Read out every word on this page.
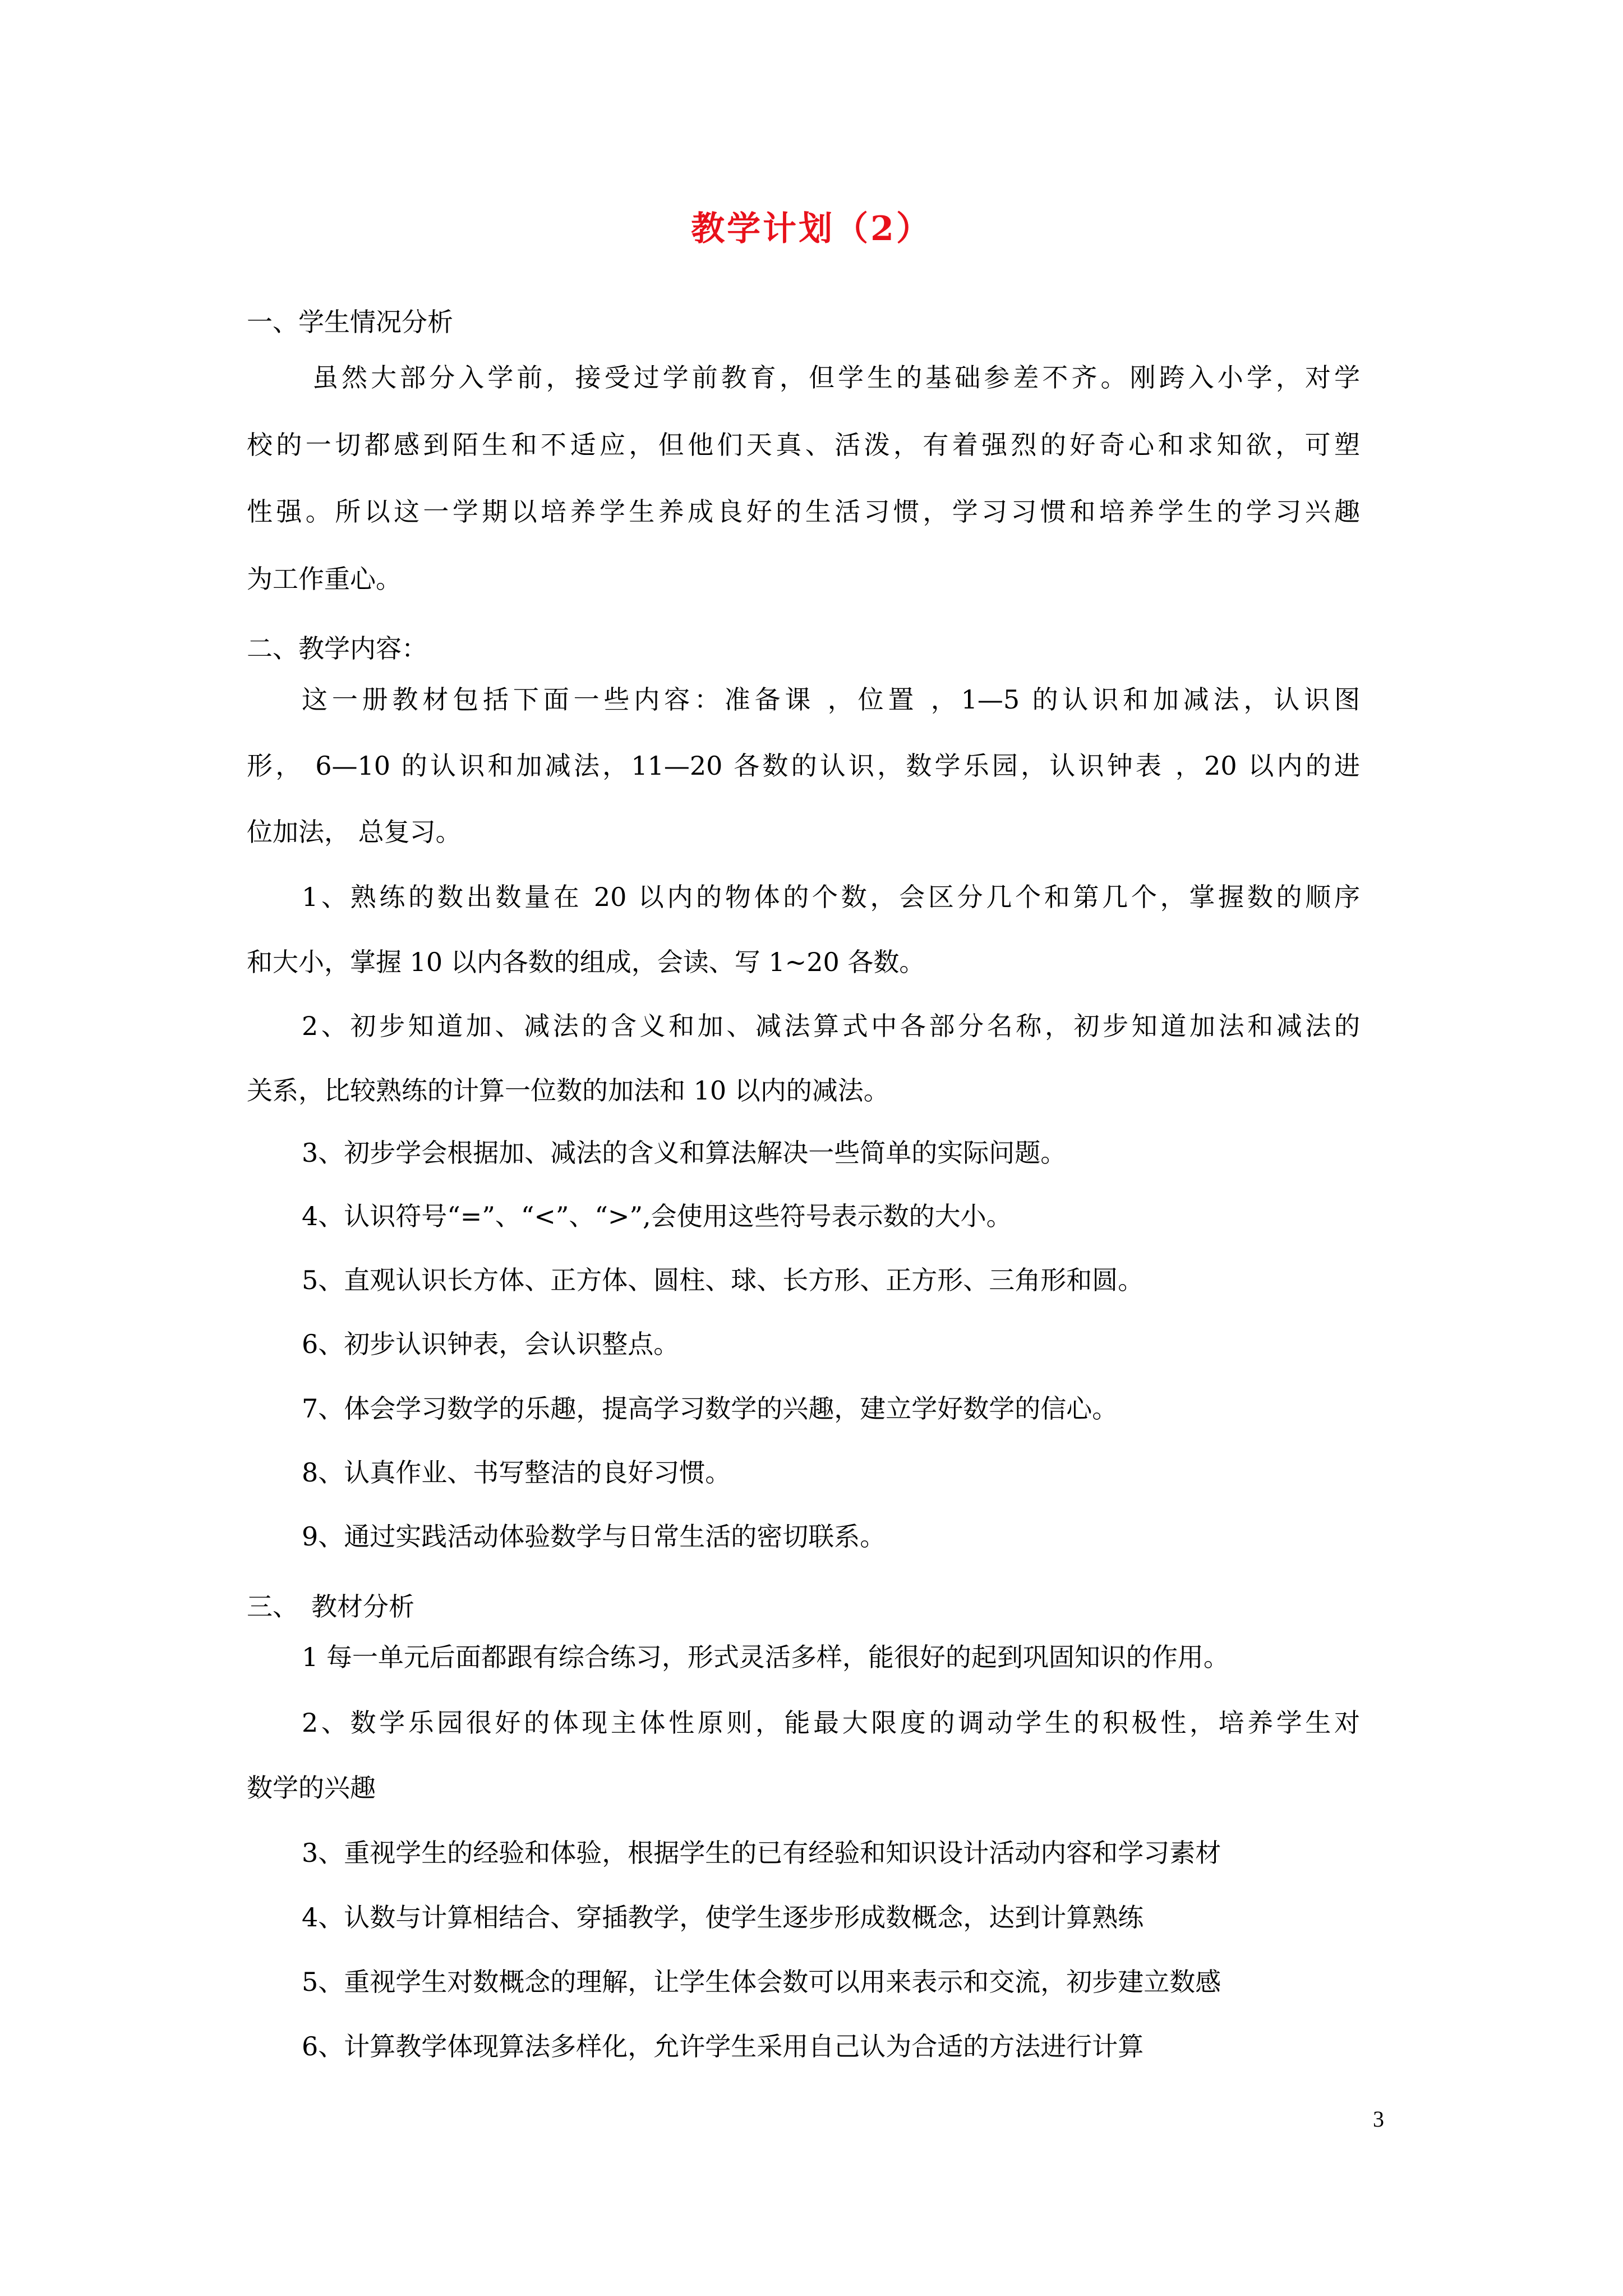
教学计划（2）
一、学生情况分析
虽然大部分入学前，接受过学前教育，但学生的基础参差不齐。刚跨入小学，对学
校的一切都感到陌生和不适应，但他们天真、活泼，有着强烈的好奇心和求知欲，可塑
性强。所以这一学期以培养学生养成良好的生活习惯，学习习惯和培养学生的学习兴趣
为工作重心。
二、教学内容：
这一册教材包括下面一些内容：准备课 ，位置 ，1—5 的认识和加减法，认识图
形， 6—10 的认识和加减法，11—20 各数的认识，数学乐园，认识钟表 ，20 以内的进
位加法， 总复习。
1、熟练的数出数量在 20 以内的物体的个数，会区分几个和第几个，掌握数的顺序
和大小，掌握 10 以内各数的组成，会读、写 1~20 各数。
2、初步知道加、减法的含义和加、减法算式中各部分名称，初步知道加法和减法的
关系，比较熟练的计算一位数的加法和 10 以内的减法。
3、初步学会根据加、减法的含义和算法解决一些简单的实际问题。
4、认识符号“=”、“<”、“>”,会使用这些符号表示数的大小。
5、直观认识长方体、正方体、圆柱、球、长方形、正方形、三角形和圆。
6、初步认识钟表，会认识整点。
7、体会学习数学的乐趣，提高学习数学的兴趣，建立学好数学的信心。
8、认真作业、书写整洁的良好习惯。
9、通过实践活动体验数学与日常生活的密切联系。
三、　教材分析
1 每一单元后面都跟有综合练习，形式灵活多样，能很好的起到巩固知识的作用。
2、数学乐园很好的体现主体性原则，能最大限度的调动学生的积极性，培养学生对
数学的兴趣
3、重视学生的经验和体验，根据学生的已有经验和知识设计活动内容和学习素材
4、认数与计算相结合、穿插教学，使学生逐步形成数概念，达到计算熟练
5、重视学生对数概念的理解，让学生体会数可以用来表示和交流，初步建立数感
6、计算教学体现算法多样化，允许学生采用自己认为合适的方法进行计算
3
